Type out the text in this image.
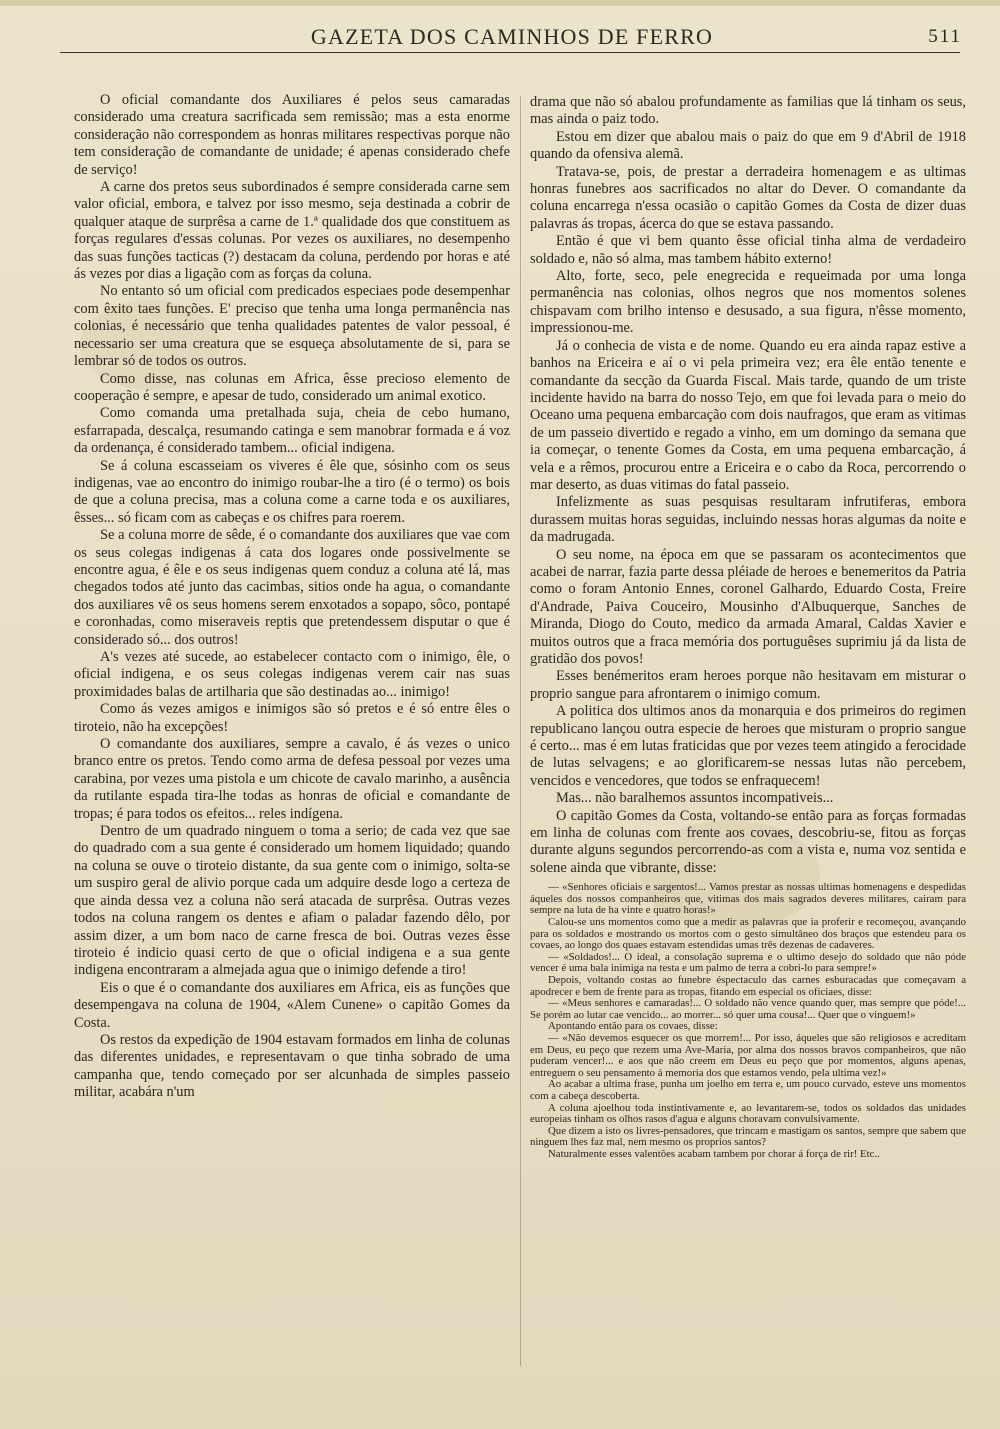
GAZETA DOS CAMINHOS DE FERRO	511

O oficial comandante dos Auxiliares é pelos seus camaradas considerado uma creatura sacrificada sem remissão; mas a esta enorme consideração não correspondem as honras militares respectivas porque não tem consideração de comandante de unidade; é apenas considerado chefe de serviço!

A carne dos pretos seus subordinados é sempre considerada carne sem valor oficial, embora, e talvez por isso mesmo, seja destinada a cobrir de qualquer ataque de surprêsa a carne de 1.ª qualidade dos que constituem as forças regulares d'essas colunas. Por vezes os auxiliares, no desempenho das suas funções tacticas (?) destacam da coluna, perdendo por horas e até ás vezes por dias a ligação com as forças da coluna.

No entanto só um oficial com predicados especiaes pode desempenhar com êxito taes funções. E' preciso que tenha uma longa permanência nas colonias, é necessário que tenha qualidades patentes de valor pessoal, é necessario ser uma creatura que se esqueça absolutamente de si, para se lembrar só de todos os outros.

Como disse, nas colunas em Africa, êsse precioso elemento de cooperação é sempre, e apesar de tudo, considerado um animal exotico.

Como comanda uma pretalhada suja, cheia de cebo humano, esfarrapada, descalça, resumando catinga e sem manobrar formada e á voz da ordenança, é considerado tambem... oficial indigena.

Se á coluna escasseiam os viveres é êle que, sósinho com os seus indigenas, vae ao encontro do inimigo roubar-lhe a tiro (é o termo) os bois de que a coluna precisa, mas a coluna come a carne toda e os auxiliares, êsses... só ficam com as cabeças e os chifres para roerem.

Se a coluna morre de sêde, é o comandante dos auxiliares que vae com os seus colegas indigenas á cata dos logares onde possivelmente se encontre agua, é êle e os seus indigenas quem conduz a coluna até lá, mas chegados todos até junto das cacimbas, sitios onde ha agua, o comandante dos auxiliares vê os seus homens serem enxotados a sopapo, sôco, pontapé e coronhadas, como miseraveis reptis que pretendessem disputar o que é considerado só... dos outros!

A's vezes até sucede, ao estabelecer contacto com o inimigo, êle, o oficial indigena, e os seus colegas indigenas verem cair nas suas proximidades balas de artilharia que são destinadas ao... inimigo!

Como ás vezes amigos e inimigos são só pretos e é só entre êles o tiroteio, não ha excepções!

O comandante dos auxiliares, sempre a cavalo, é ás vezes o unico branco entre os pretos. Tendo como arma de defesa pessoal por vezes uma carabina, por vezes uma pistola e um chicote de cavalo marinho, a ausência da rutilante espada tira-lhe todas as honras de oficial e comandante de tropas; é para todos os efeitos... reles indígena.

Dentro de um quadrado ninguem o toma a serio; de cada vez que sae do quadrado com a sua gente é considerado um homem liquidado; quando na coluna se ouve o tiroteio distante, da sua gente com o inimigo, solta-se um suspiro geral de alivio porque cada um adquire desde logo a certeza de que ainda dessa vez a coluna não será atacada de surprêsa. Outras vezes todos na coluna rangem os dentes e afiam o paladar fazendo dêlo, por assim dizer, a um bom naco de carne fresca de boi. Outras vezes êsse tiroteio é indicio quasi certo de que o oficial indigena e a sua gente indigena encontraram a almejada agua que o inimigo defende a tiro!

Eis o que é o comandante dos auxiliares em Africa, eis as funções que desempengava na coluna de 1904, «Alem Cunene» o capitão Gomes da Costa.

Os restos da expedição de 1904 estavam formados em linha de colunas das diferentes unidades, e representavam o que tinha sobrado de uma campanha que, tendo começado por ser alcunhada de simples passeio militar, acabára n'um

drama que não só abalou profundamente as familias que lá tinham os seus, mas ainda o paiz todo.

Estou em dizer que abalou mais o paiz do que em 9 d'Abril de 1918 quando da ofensiva alemã.

Tratava-se, pois, de prestar a derradeira homenagem e as ultimas honras funebres aos sacrificados no altar do Dever. O comandante da coluna encarrega n'essa ocasião o capitão Gomes da Costa de dizer duas palavras ás tropas, ácerca do que se estava passando.

Então é que vi bem quanto êsse oficial tinha alma de verdadeiro soldado e, não só alma, mas tambem hábito externo!

Alto, forte, seco, pele enegrecida e requeimada por uma longa permanência nas colonias, olhos negros que nos momentos solenes chispavam com brilho intenso e desusado, a sua figura, n'êsse momento, impressionou-me.

Já o conhecia de vista e de nome. Quando eu era ainda rapaz estive a banhos na Ericeira e aí o vi pela primeira vez; era êle então tenente e comandante da secção da Guarda Fiscal. Mais tarde, quando de um triste incidente havido na barra do nosso Tejo, em que foi levada para o meio do Oceano uma pequena embarcação com dois naufragos, que eram as vitimas de um passeio divertido e regado a vinho, em um domingo da semana que ia começar, o tenente Gomes da Costa, em uma pequena embarcação, á vela e a rêmos, procurou entre a Ericeira e o cabo da Roca, percorrendo o mar deserto, as duas vitimas do fatal passeio.

Infelizmente as suas pesquisas resultaram infrutiferas, embora durassem muitas horas seguidas, incluindo nessas horas algumas da noite e da madrugada.

O seu nome, na época em que se passaram os acontecimentos que acabei de narrar, fazia parte dessa pléiade de heroes e benemeritos da Patria como o foram Antonio Ennes, coronel Galhardo, Eduardo Costa, Freire d'Andrade, Paiva Couceiro, Mousinho d'Albuquerque, Sanches de Miranda, Diogo do Couto, medico da armada Amaral, Caldas Xavier e muitos outros que a fraca memória dos portuguêses suprimiu já da lista de gratidão dos povos!

Esses benémeritos eram heroes porque não hesitavam em misturar o proprio sangue para afrontarem o inimigo comum.

A politica dos ultimos anos da monarquia e dos primeiros do regimen republicano lançou outra especie de heroes que misturam o proprio sangue é certo... mas é em lutas fraticidas que por vezes teem atingido a ferocidade de lutas selvagens; e ao glorificarem-se nessas lutas não percebem, vencidos e vencedores, que todos se enfraquecem!

Mas... não baralhemos assuntos incompativeis...

O capitão Gomes da Costa, voltando-se então para as forças formadas em linha de colunas com frente aos covaes, descobriu-se, fitou as forças durante alguns segundos percorrendo-as com a vista e, numa voz sentida e solene ainda que vibrante, disse:

— «Senhores oficiais e sargentos!... Vamos prestar as nossas ultimas homenagens e despedidas áqueles dos nossos companheiros que, vitimas dos mais sagrados deveres militares, cairam para sempre na luta de ha vinte e quatro horas!»

Calou-se uns momentos como que a medir as palavras que ia proferir e recomeçou, avançando para os soldados e mostrando os mortos com o gesto simultâneo dos braços que estendeu para os covaes, ao longo dos quaes estavam estendidas umas três dezenas de cadaveres.

— «Soldados!... O ideal, a consolação suprema e o ultimo desejo do soldado que não póde vencer é uma bala inimiga na testa e um palmo de terra a cobri-lo para sempre!»

Depois, voltando costas ao funebre éspectaculo das carnes esburacadas que começavam a apodrecer e bem de frente para as tropas, fitando em especial os oficiaes, disse:

— «Meus senhores e camaradas!... O soldado não vence quando quer, mas sempre que póde!... Se porém ao lutar cae vencido... ao morrer... só quer uma cousa!... Quer que o vinguem!»

Apontando então para os covaes, disse:

— «Não devemos esquecer os que morrem!... Por isso, áqueles que são religiosos e acreditam em Deus, eu peço que rezem uma Ave-Maria, por alma dos nossos bravos companheiros, que não puderam vencer!... e aos que não creem em Deus eu peço que por momentos, alguns apenas, entreguem o seu pensamento á memoria dos que estamos vendo, pela ultima vez!»

Ao acabar a ultima frase, punha um joelho em terra e, um pouco curvado, esteve uns momentos com a cabeça descoberta.

A coluna ajoelhou toda instintivamente e, ao levantarem-se, todos os soldados das unidades europeias tinham os olhos rasos d'agua e alguns choravam convulsivamente.

Que dizem a isto os livres-pensadores, que trincam e mastigam os santos, sempre que sabem que ninguem lhes faz mal, nem mesmo os proprios santos?

Naturalmente esses valentões acabam tambem por chorar á força de rir! Etc..
